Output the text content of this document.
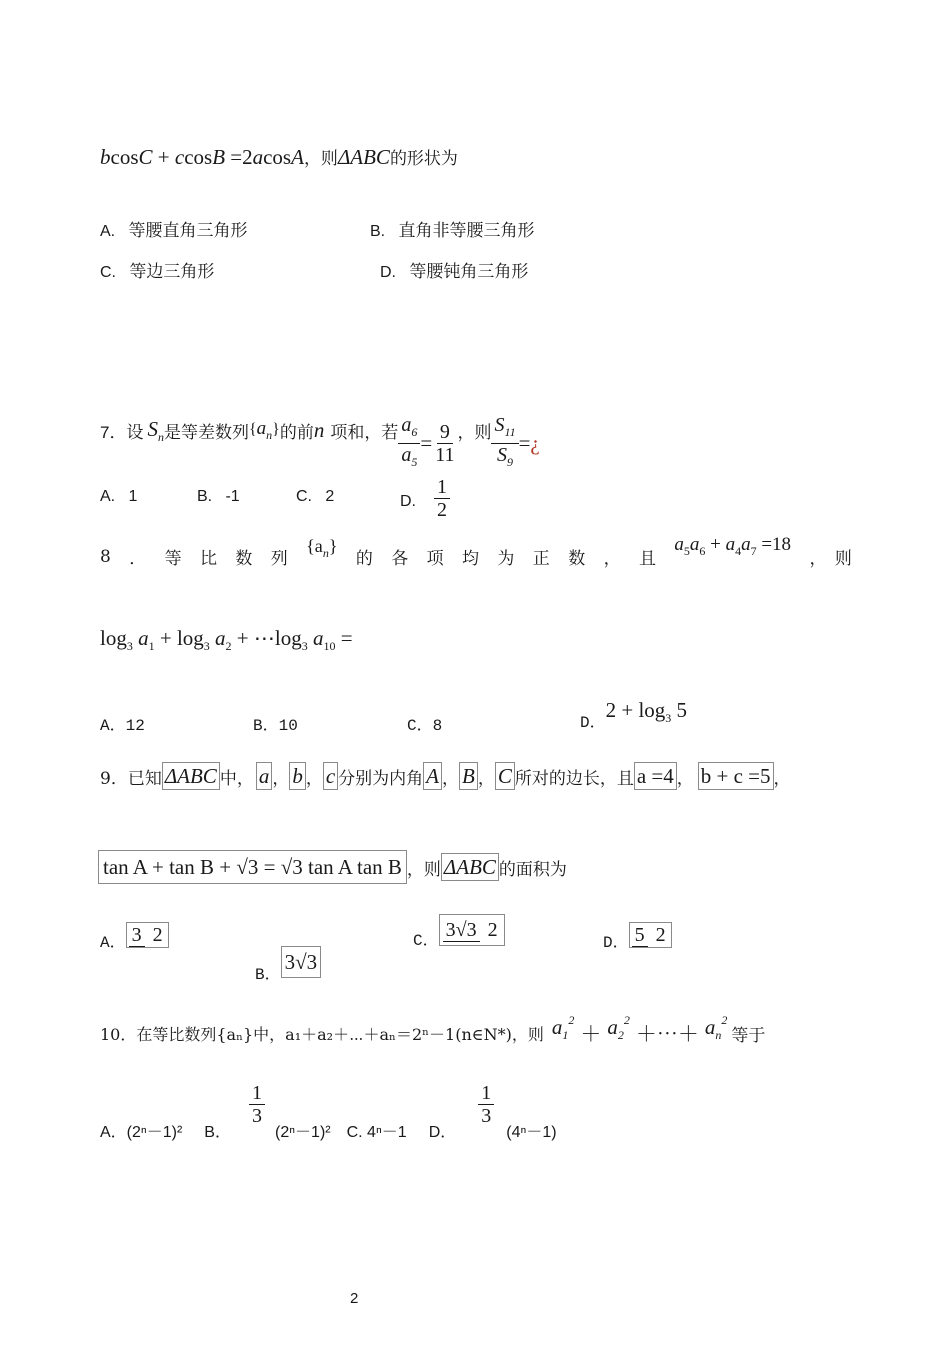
bcosC + ccosB =2acosA，则ΔABC的形状为
A. 等腰直角三角形	B. 直角非等腰三角形
C. 等边三角形	D. 等腰钝角三角形
7．设 $S_n$ 是等差数列 $\{a_n\}$ 的前 n 项和，若 $\frac{a_6}{a_5} = \frac{9}{11}$ ，则 $\frac{S_{11}}{S_9}$ = ¿
A. 1	B. -1	C. 2	D. $\frac{1}{2}$
8 ． 等 比 数 列
$\{a_n\}$
的 各 项 均 为 正 数 ， 且
$a_5a_6 + a_4a_7 =18$
，　则
$\log_3 a_1 + \log_3 a_2$ + $\cdots\log_3$ $a_{10}$ =
A．12	B．10	C．8	D．$2 + \log_3 5$
9．已知 ΔABC 中， a ， b ， c 分别为内角 A ， B ， C 所对的边长，且 a =4 ， b + c =5 ，
tan A + tan B + √3 = √3 tan A tan B ，则 ΔABC 的面积为
A． 3 2
B．
3√3
C． 3√3 2
D． 5 2
10．在等比数列{aₙ}中，a₁＋a₂＋⋯＋aₙ＝2ⁿ－1(n∈N*)，则 $a_1^2$
＋ $a_2^2$
＋⋯＋ $a_n^2$
等于
A．(2ⁿ－1)² B．
$\frac{1}{3}$
(2ⁿ－1)² C. 4ⁿ－1 D．
$\frac{1}{3}$
(4ⁿ－1)
2
